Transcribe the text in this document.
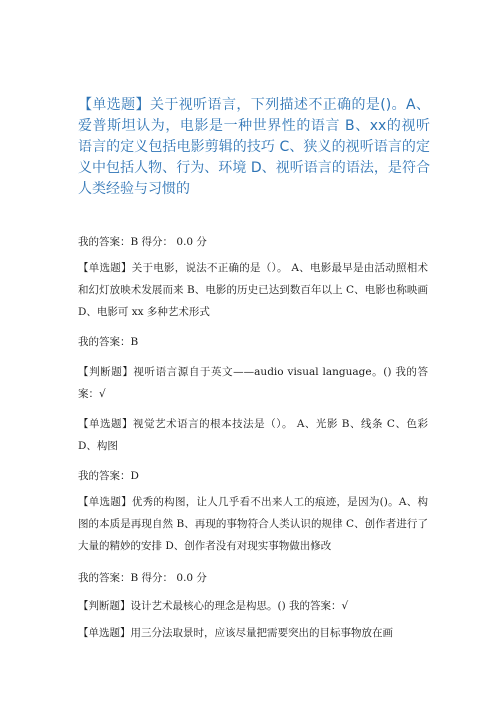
【单选题】关于视听语言，下列描述不正确的是()。A、爱普斯坦认为，电影是一种世界性的语言 B、xx的视听语言的定义包括电影剪辑的技巧 C、狭义的视听语言的定义中包括人物、行为、环境 D、视听语言的语法，是符合人类经验与习惯的

我的答案：B 得分： 0.0 分
【单选题】关于电影，说法不正确的是（）。 A、电影最早是由活动照相术和幻灯放映术发展而来 B、电影的历史已达到数百年以上 C、电影也称映画 D、电影可 xx 多种艺术形式
我的答案：B
【判断题】视听语言源自于英文——audio visual language。() 我的答案：√
【单选题】视觉艺术语言的根本技法是（）。 A、光影 B、线条 C、色彩 D、构图
我的答案：D
【单选题】优秀的构图，让人几乎看不出来人工的痕迹，是因为()。A、构图的本质是再现自然 B、再现的事物符合人类认识的规律 C、创作者进行了大量的精妙的安排 D、创作者没有对现实事物做出修改
我的答案：B 得分： 0.0 分
【判断题】设计艺术最核心的理念是构思。() 我的答案：√
【单选题】用三分法取景时，应该尽量把需要突出的目标事物放在画
